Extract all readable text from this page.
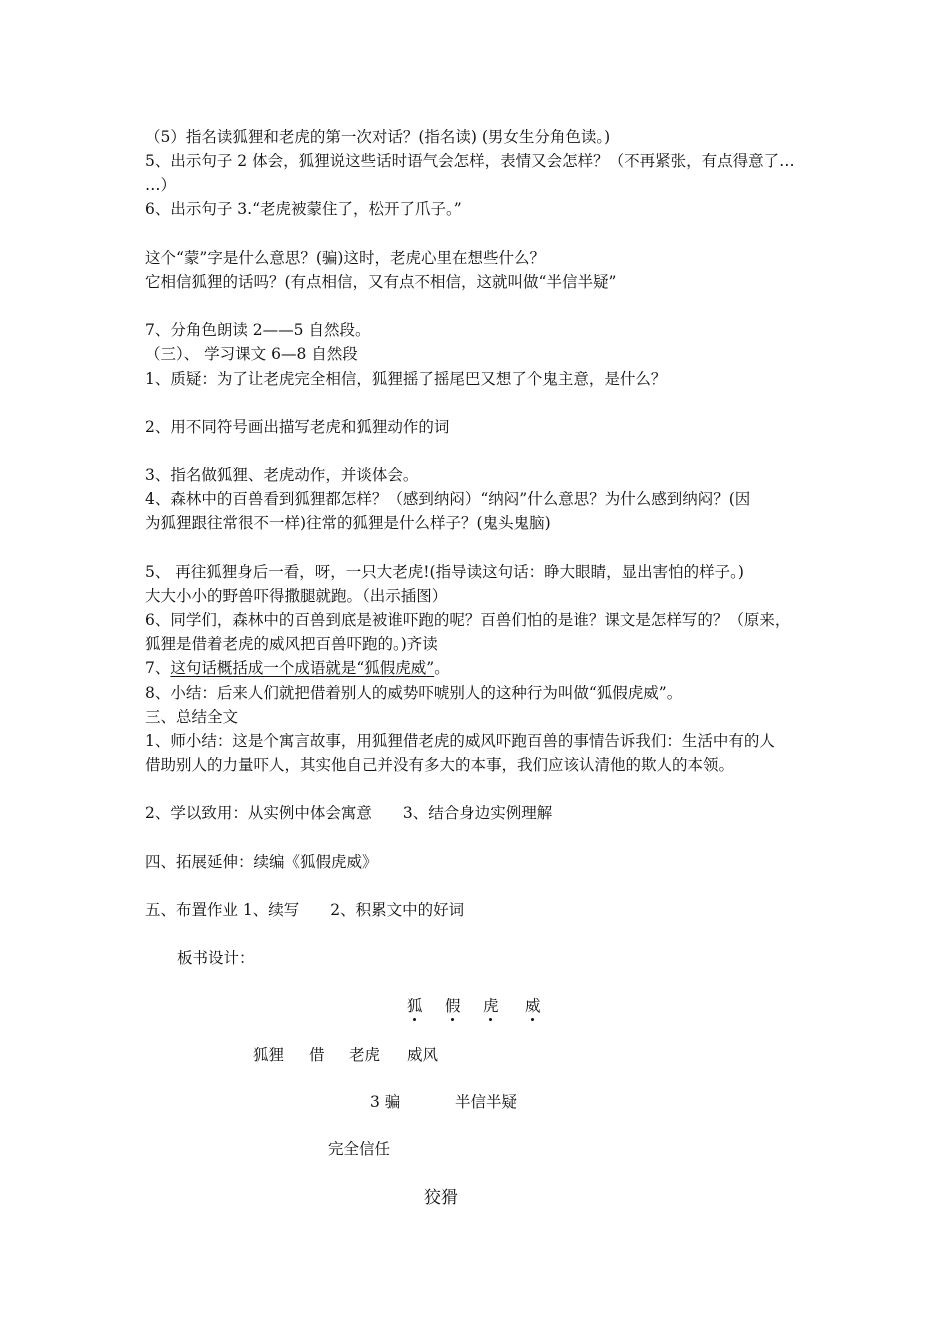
（5）指名读狐狸和老虎的第一次对话？(指名读) (男女生分角色读。)
5、出示句子 2 体会，狐狸说这些话时语气会怎样，表情又会怎样？（不再紧张，有点得意了…
…）
6、出示句子 3.“老虎被蒙住了，松开了爪子。”
这个“蒙”字是什么意思？(骗)这时，老虎心里在想些什么？
它相信狐狸的话吗？(有点相信，又有点不相信，这就叫做“半信半疑”
7、分角色朗读 2——5 自然段。
（三）、 学习课文 6—8 自然段
1、质疑：为了让老虎完全相信，狐狸摇了摇尾巴又想了个鬼主意，是什么？
2、用不同符号画出描写老虎和狐狸动作的词
3、指名做狐狸、老虎动作，并谈体会。
4、森林中的百兽看到狐狸都怎样？（感到纳闷）“纳闷”什么意思？为什么感到纳闷？(因
为狐狸跟往常很不一样)往常的狐狸是什么样子？(鬼头鬼脑)
5、 再往狐狸身后一看，呀，一只大老虎!(指导读这句话：睁大眼睛，显出害怕的样子。)
大大小小的野兽吓得撒腿就跑。（出示插图）
6、同学们，森林中的百兽到底是被谁吓跑的呢？百兽们怕的是谁？课文是怎样写的？（原来，
狐狸是借着老虎的威风把百兽吓跑的。)齐读
7、这句话概括成一个成语就是“狐假虎威”。
8、小结：后来人们就把借着别人的威势吓唬别人的这种行为叫做“狐假虎威”。
三、总结全文
1、师小结：这是个寓言故事，用狐狸借老虎的威风吓跑百兽的事情告诉我们：生活中有的人
借助别人的力量吓人，其实他自己并没有多大的本事，我们应该认清他的欺人的本领。
2、学以致用：从实例中体会寓意　　3、结合身边实例理解
四、拓展延伸：续编《狐假虎威》
五、布置作业 1、续写　　2、积累文中的好词
板书设计：
狐 假 虎 威
狐狸 借 老虎 威风
3 骗	半信半疑
完全信任
狡猾
